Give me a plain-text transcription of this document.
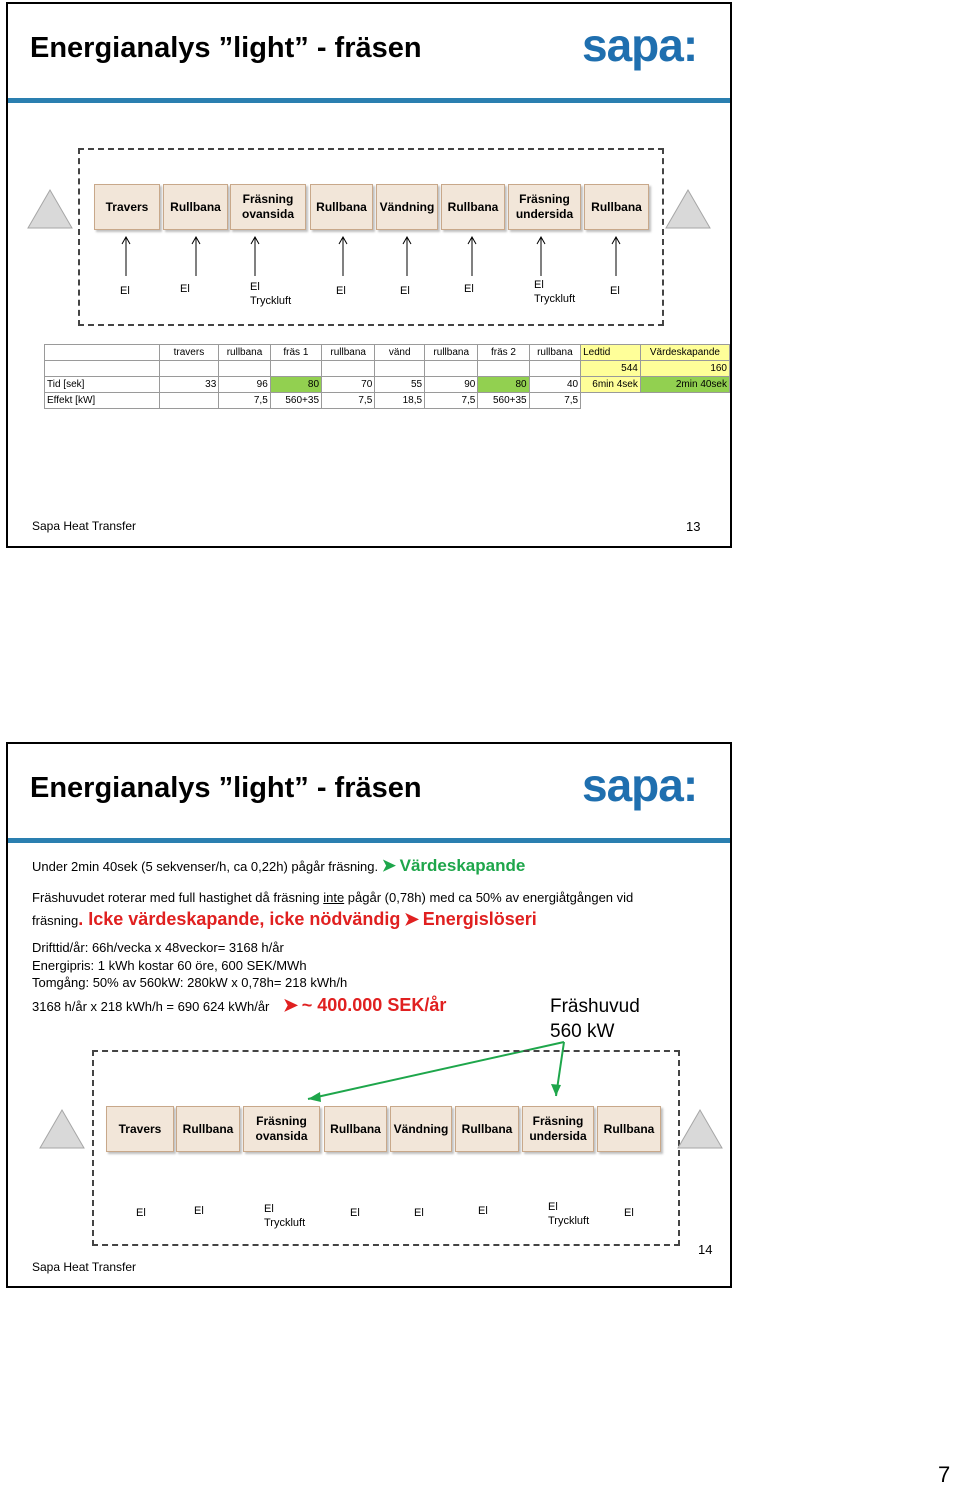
Energianalys ”light” - fräsen	sapa:
Travers Rullbana
Fräsning
ovansida
Rullbana Vändning Rullbana
Fräsning
undersida
Rullbana
El	El	El
Tryckluft
El	El	El	El
Tryckluft
El
	travers	rullbana	fräs 1	rullbana	vänd	rullbana	fräs 2	rullbana	Ledtid	Värdeskapande
									544	160
Tid [sek]	33	96	80	70	55	90	80	40	6min 4sek	2min 40sek
Effekt [kW]		7,5	560+35	7,5	18,5	7,5	560+35	7,5		
Sapa Heat Transfer	13
Energianalys ”light” - fräsen	sapa:
Under 2min 40sek (5 sekvenser/h, ca 0,22h) pågår fräsning. ➤ Värdeskapande
Fräshuvudet roterar med full hastighet då fräsning inte pågår (0,78h) med ca 50% av energiåtgången vid
fräsning. Icke värdeskapande, icke nödvändig ➤ Energislöseri
Drifttid/år: 66h/vecka x 48veckor= 3168 h/år
Energipris: 1 kWh kostar 60 öre, 600 SEK/MWh
Tomgång: 50% av 560kW: 280kW x 0,78h= 218 kWh/h
3168 h/år x 218 kWh/h = 690 624 kWh/år ➤ ~ 400.000 SEK/år	Fräshuvud
560 kW
Travers Rullbana
Fräsning
ovansida
Rullbana Vändning Rullbana
Fräsning
undersida
Rullbana
El	El	El
Tryckluft
El	El	El	El
Tryckluft
El
Sapa Heat Transfer
14
7
